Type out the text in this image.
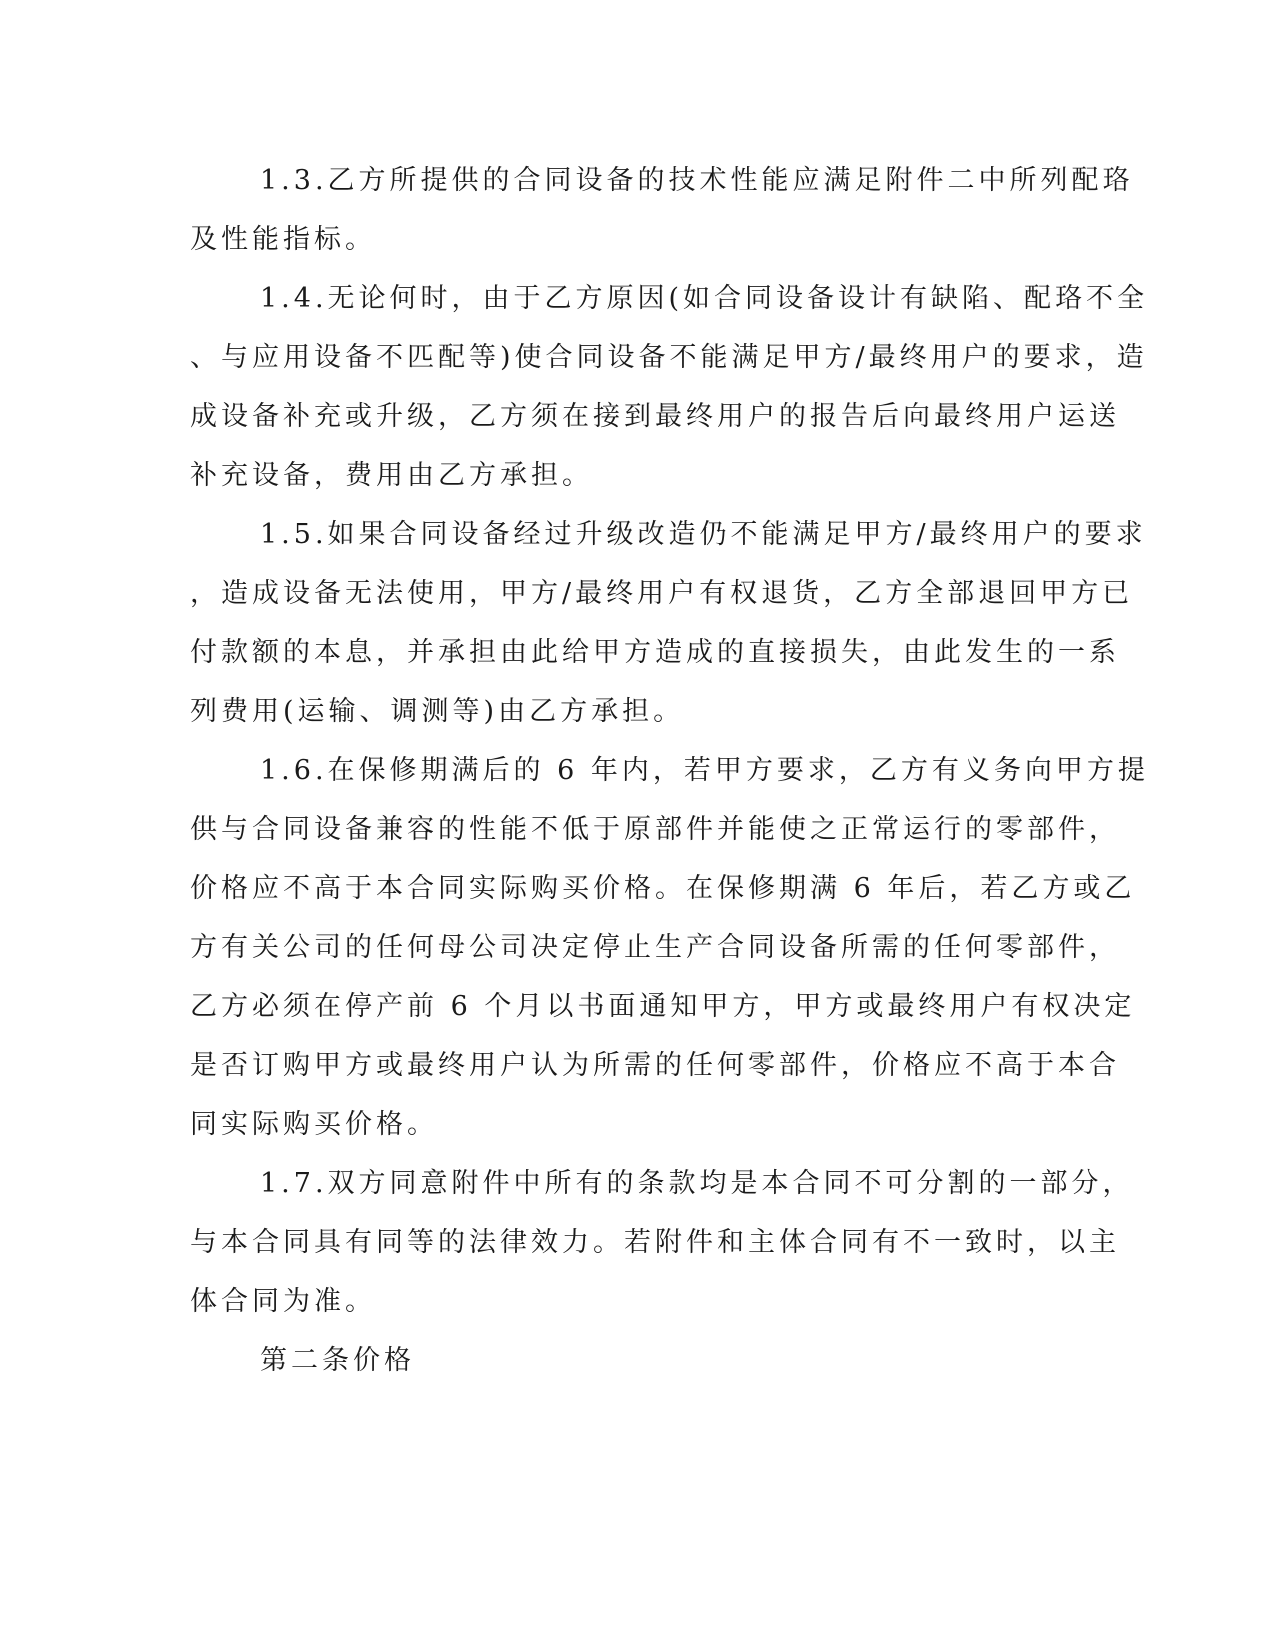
1.3.乙方所提供的合同设备的技术性能应满足附件二中所列配珞
及性能指标。
1.4.无论何时，由于乙方原因(如合同设备设计有缺陷、配珞不全
、与应用设备不匹配等)使合同设备不能满足甲方/最终用户的要求，造
成设备补充或升级，乙方须在接到最终用户的报告后向最终用户运送
补充设备，费用由乙方承担。
1.5.如果合同设备经过升级改造仍不能满足甲方/最终用户的要求
，造成设备无法使用，甲方/最终用户有权退货，乙方全部退回甲方已
付款额的本息，并承担由此给甲方造成的直接损失，由此发生的一系
列费用(运输、调测等)由乙方承担。
1.6.在保修期满后的 6 年内，若甲方要求，乙方有义务向甲方提
供与合同设备兼容的性能不低于原部件并能使之正常运行的零部件，
价格应不高于本合同实际购买价格。在保修期满 6 年后，若乙方或乙
方有关公司的任何母公司决定停止生产合同设备所需的任何零部件，
乙方必须在停产前 6 个月以书面通知甲方，甲方或最终用户有权决定
是否订购甲方或最终用户认为所需的任何零部件，价格应不高于本合
同实际购买价格。
1.7.双方同意附件中所有的条款均是本合同不可分割的一部分，
与本合同具有同等的法律效力。若附件和主体合同有不一致时，以主
体合同为准。
第二条价格
